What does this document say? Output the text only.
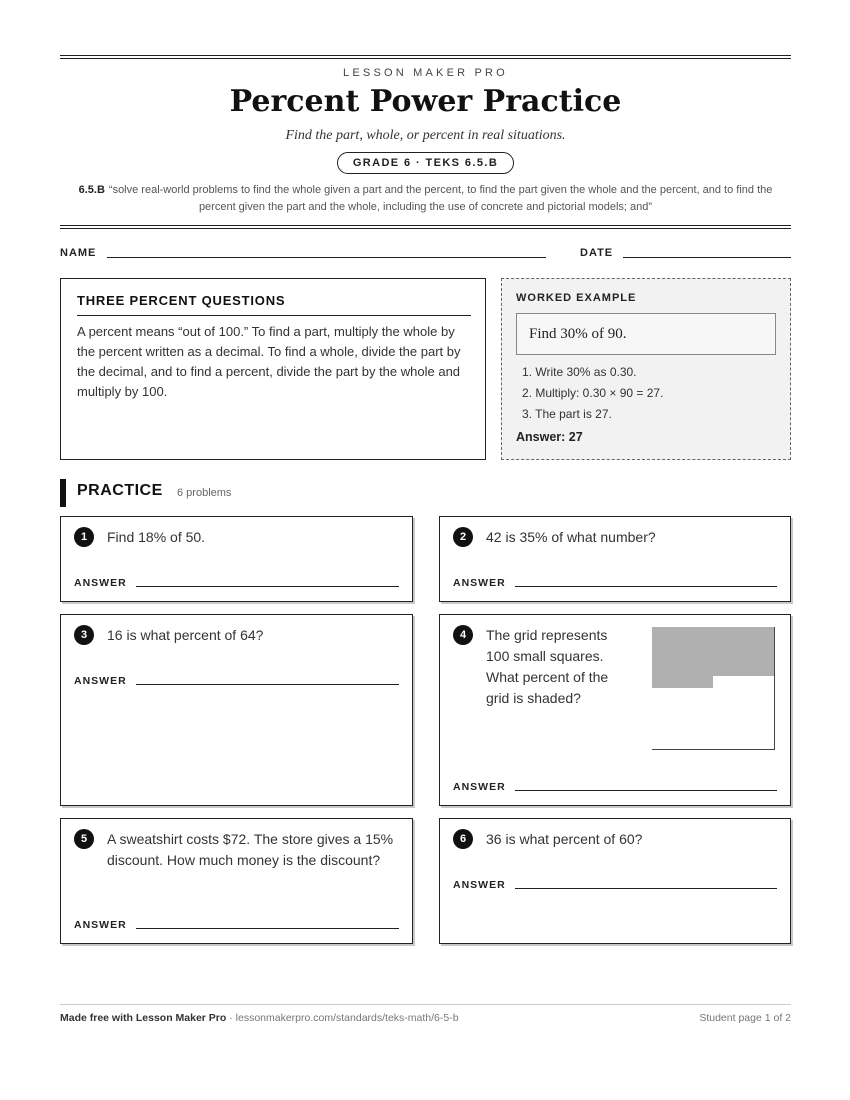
LESSON MAKER PRO
Percent Power Practice
Find the part, whole, or percent in real situations.
GRADE 6 · TEKS 6.5.B
6.5.B “solve real-world problems to find the whole given a part and the percent, to find the part given the whole and the percent, and to find the percent given the part and the whole, including the use of concrete and pictorial models; and”
NAME	DATE
THREE PERCENT QUESTIONS
A percent means “out of 100.” To find a part, multiply the whole by the percent written as a decimal. To find a whole, divide the part by the decimal, and to find a percent, divide the part by the whole and multiply by 100.
WORKED EXAMPLE
Find 30% of 90.
1. Write 30% as 0.30.
2. Multiply: 0.30 × 90 = 27.
3. The part is 27.
Answer: 27
PRACTICE 6 problems
1	Find 18% of 50.
ANSWER
2	42 is 35% of what number?
ANSWER
3	16 is what percent of 64?
ANSWER
4	The grid represents 100 small squares. What percent of the grid is shaded?
ANSWER
5	A sweatshirt costs $72. The store gives a 15% discount. How much money is the discount?
ANSWER
6	36 is what percent of 60?
ANSWER
Made free with Lesson Maker Pro · lessonmakerpro.com/standards/teks-math/6-5-b	Student page 1 of 2
